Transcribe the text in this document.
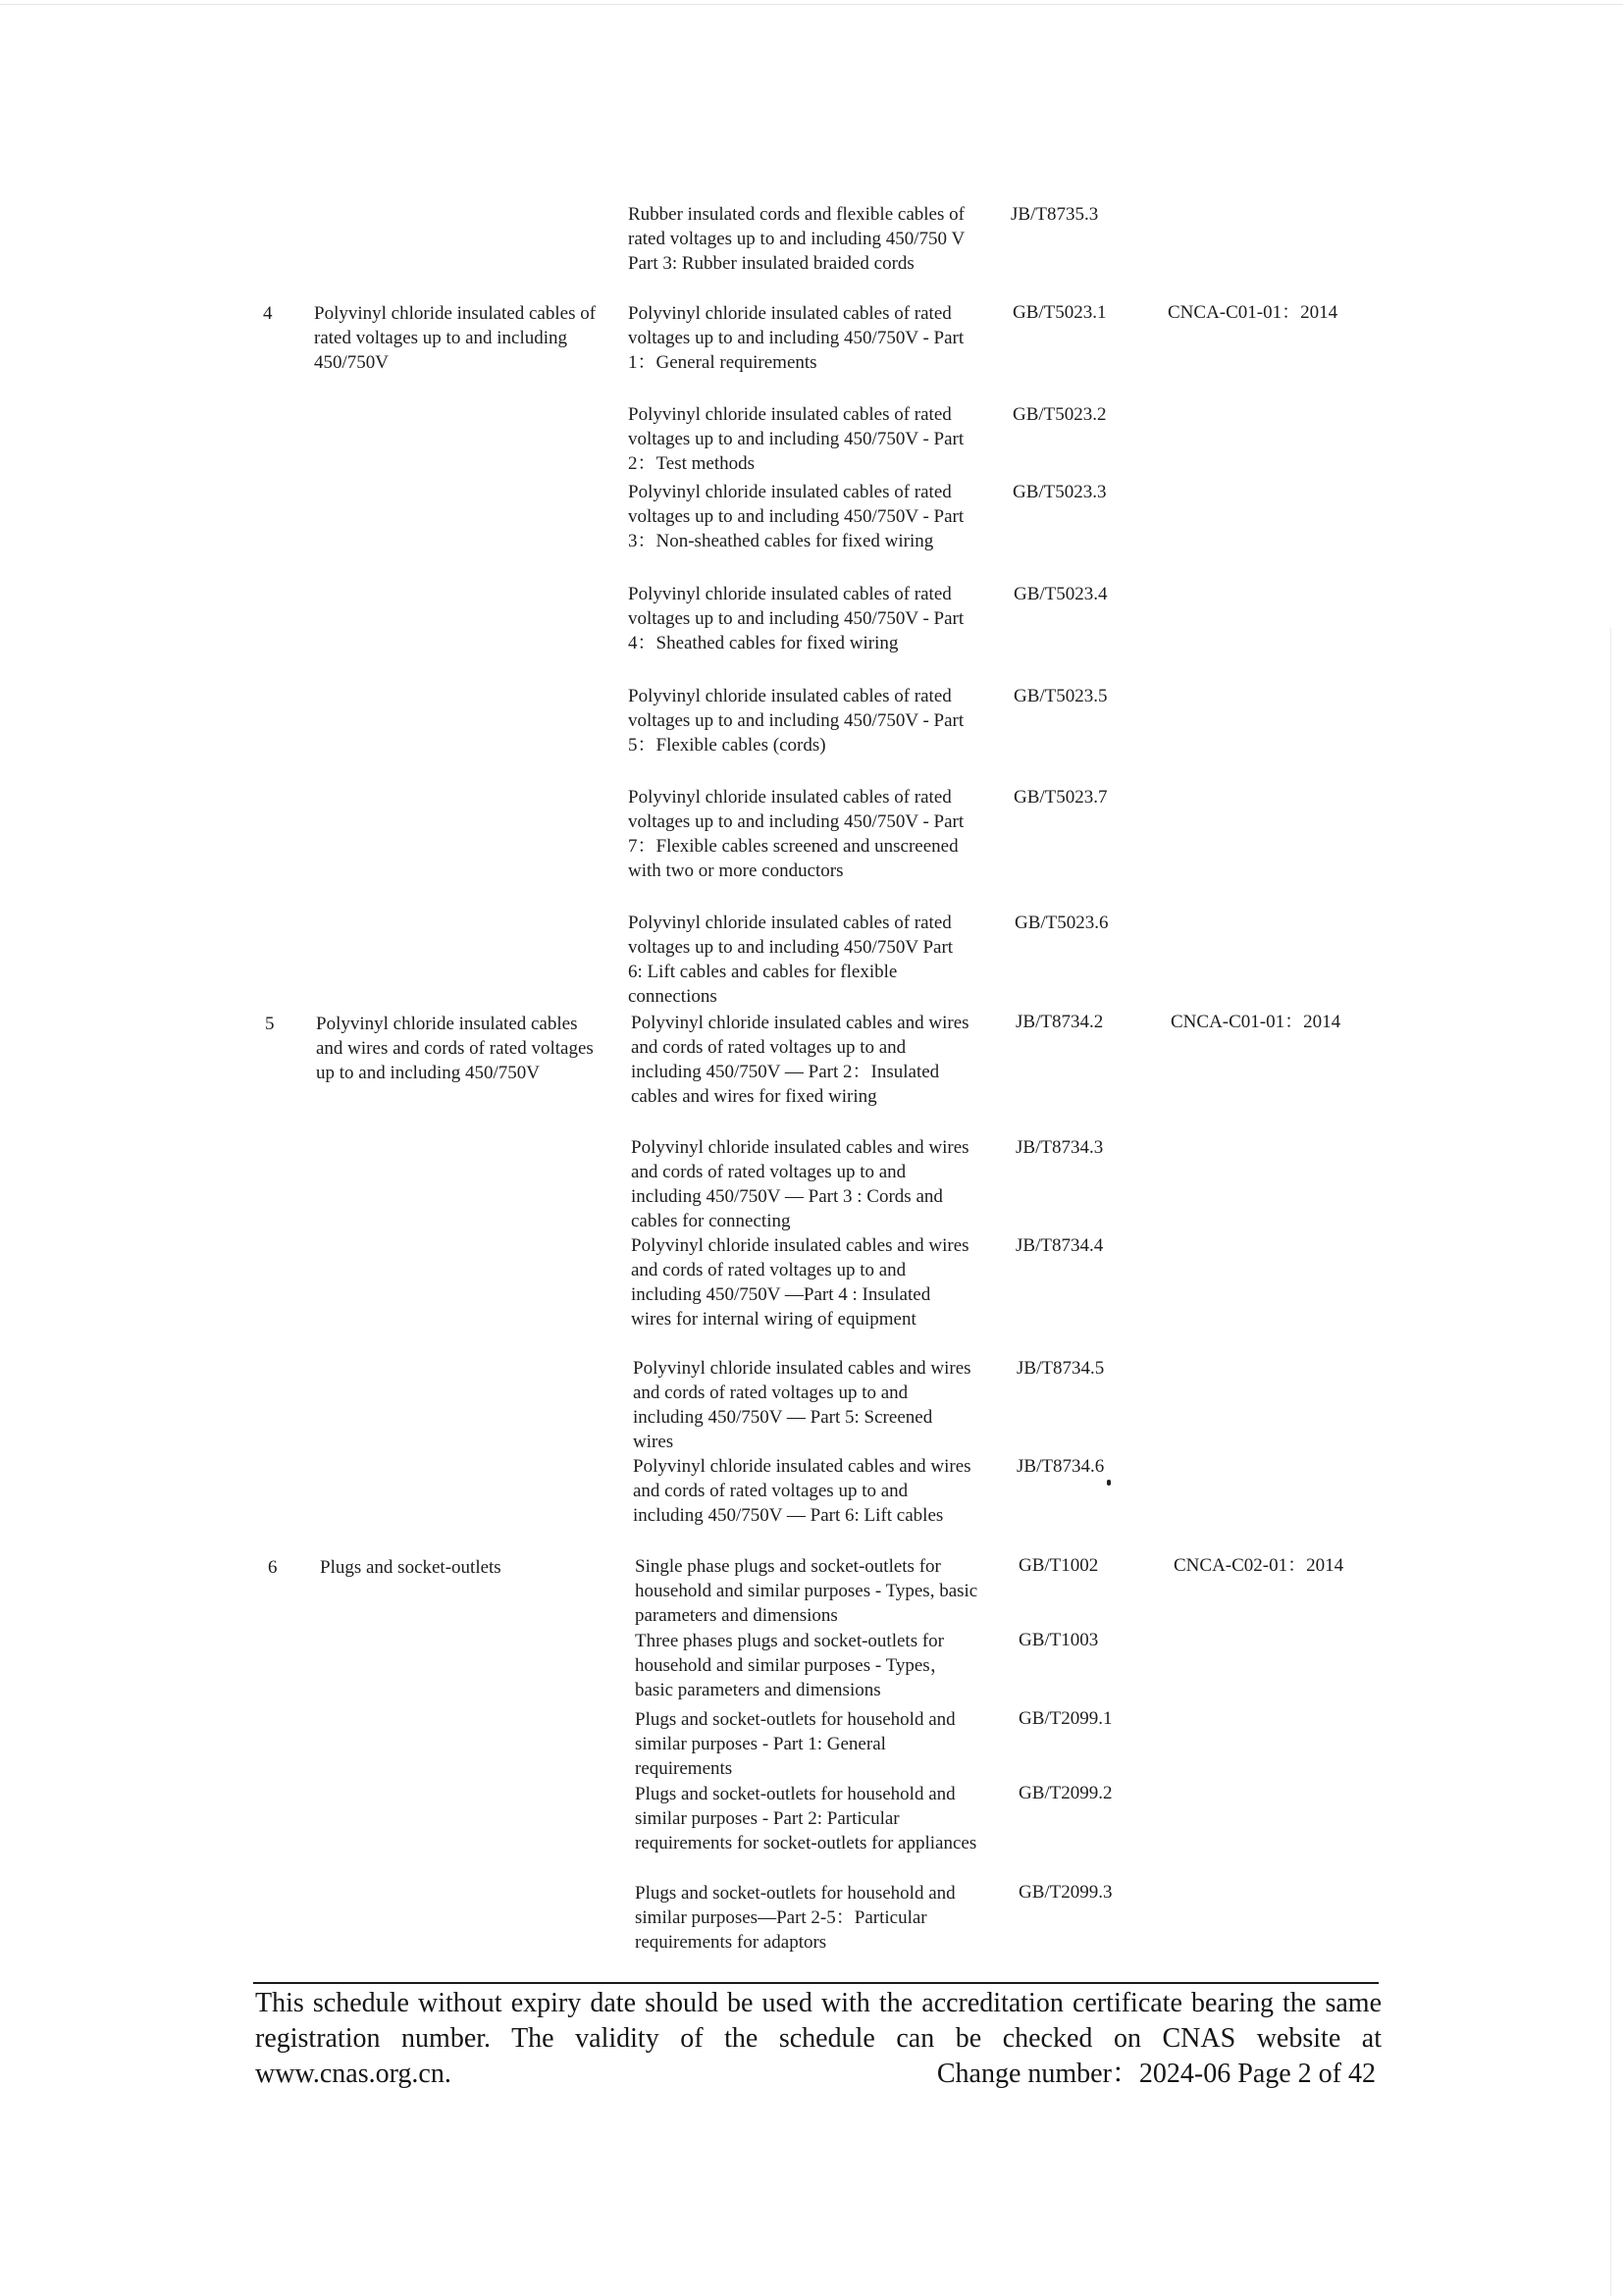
4 Polyvinyl chloride insulated cables of rated voltages up to and including 450/750V
CNCA-C01-01：2014
5 Polyvinyl chloride insulated cables and wires and cords of rated voltages up to and including 450/750V
CNCA-C01-01：2014
6 Plugs and socket-outlets	CNCA-C02-01：2014
Rubber insulated cords and flexible cables of rated voltages up to and including 450/750 V Part 3: Rubber insulated braided cords
JB/T8735.3
Polyvinyl chloride insulated cables of rated voltages up to and including 450/750V - Part 1：General requirements
GB/T5023.1
Polyvinyl chloride insulated cables of rated voltages up to and including 450/750V - Part 2：Test methods
GB/T5023.2
Polyvinyl chloride insulated cables of rated voltages up to and including 450/750V - Part 3：Non-sheathed cables for fixed wiring
GB/T5023.3
Polyvinyl chloride insulated cables of rated voltages up to and including 450/750V - Part 4：Sheathed cables for fixed wiring
GB/T5023.4
Polyvinyl chloride insulated cables of rated voltages up to and including 450/750V - Part 5：Flexible cables (cords)
GB/T5023.5
Polyvinyl chloride insulated cables of rated voltages up to and including 450/750V - Part 7：Flexible cables screened and unscreened with two or more conductors
GB/T5023.7
Polyvinyl chloride insulated cables of rated voltages up to and including 450/750V Part 6: Lift cables and cables for flexible connections
GB/T5023.6
Polyvinyl chloride insulated cables and wires and cords of rated voltages up to and including 450/750V — Part 2：Insulated cables and wires for fixed wiring
JB/T8734.2
Polyvinyl chloride insulated cables and wires and cords of rated voltages up to and including 450/750V — Part 3 : Cords and cables for connecting
JB/T8734.3
Polyvinyl chloride insulated cables and wires and cords of rated voltages up to and including 450/750V —Part 4 : Insulated wires for internal wiring of equipment
JB/T8734.4
Polyvinyl chloride insulated cables and wires and cords of rated voltages up to and including 450/750V — Part 5: Screened wires
JB/T8734.5
Polyvinyl chloride insulated cables and wires and cords of rated voltages up to and including 450/750V — Part 6: Lift cables
JB/T8734.6
Single phase plugs and socket-outlets for household and similar purposes - Types, basic parameters and dimensions
GB/T1002
Three phases plugs and socket-outlets for household and similar purposes - Types，basic parameters and dimensions
GB/T1003
Plugs and socket-outlets for household and similar purposes - Part 1: General requirements
GB/T2099.1
Plugs and socket-outlets for household and similar purposes - Part 2: Particular requirements for socket-outlets for appliances
GB/T2099.2
Plugs and socket-outlets for household and similar purposes—Part 2-5：Particular requirements for adaptors
GB/T2099.3
This schedule without expiry date should be used with the accreditation certificate bearing the same registration number. The validity of the schedule can be checked on CNAS website at
www.cnas.org.cn.	Change number：2024-06 Page 2 of 42
